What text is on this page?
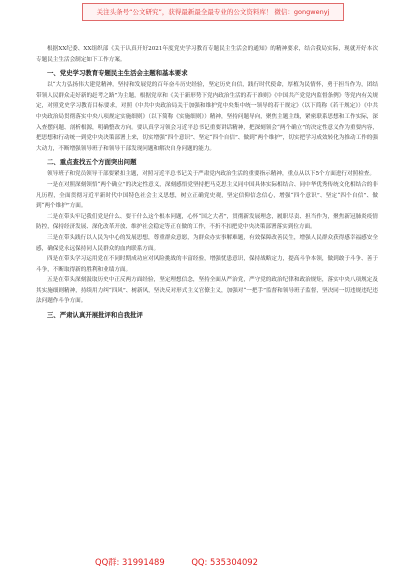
关注头条号“公文研究”，获得最新最全最专业的公文资料库！ 微信：gongwenyj

根据XX纪委、XX组织部《关于认真开好2021年度党史学习教育专题民主生活会的通知》的精神要求，结合我局实际，现就开好本次专题民主生活会制定如下工作方案。

一、党史学习教育专题民主生活会主题和基本要求

以“大力弘扬伟大建党精神，坚持和发展党的百年奋斗历史经验，坚定历史自信，践行时代使命，厚植为民情怀，勇于担当作为，团结带领人民群众走好新的赶考之路”为主题，根据党章和《关于新形势下党内政治生活的若干准则》《中国共产党党内监督条例》等党内有关规定，对照党史学习教育目标要求，对照《中共中央政治局关于加强和维护党中央集中统一领导的若干规定》（以下简称《若干规定》）《中共中央政治局贯彻落实中央八项规定实施细则》（以下简称《实施细则》）精神，坚持问题导向，聚焦主题主线，紧密联系思想和工作实际，深入查摆问题、剖析根源，明确整改方向。要认真学习领会习近平总书记重要讲话精神，把深刻领会“两个确立”的决定性意义作为重要内容，把思想和行动统一到党中央决策部署上来，切实增强“四个意识”、坚定“四个自信”、做到“两个维护”，切实把学习成效转化为推动工作的强大动力，不断增强领导班子和领导干部发现问题和解决自身问题的能力。

二、重点查找五个方面突出问题

领导班子和党员领导干部要紧扣主题，对照习近平总书记关于严肃党内政治生活的重要指示精神，重点从以下5个方面进行对照检查。

一是在对照深刻领悟“两个确立”的决定性意义，深刻感悟党坚持把马克思主义同中国具体实际相结合、同中华优秀传统文化相结合的非凡历程，全面贯彻习近平新时代中国特色社会主义思想，树立正确党史观，坚定信仰信念信心，增强“四个意识”、坚定“四个自信”、做到“两个维护”方面。

二是在带头牢记我们党是什么、要干什么这个根本问题，心怀“国之大者”，贯彻新发展理念，履职尽责、担当作为，聚焦新冠肺炎疫情防控，保持经济发展、深化改革开放、维护社会稳定等正在做的工作，不折不扣把党中央决策部署落实到位方面。

三是在带头践行以人民为中心的发展思想，尊重群众意愿，为群众办实事解难题，有效保障改善民生，增强人民群众获得感幸福感安全感，确保党永远保持同人民群众的血肉联系方面。

四是在带头学习运用党在不同时期成功应对风险挑战的丰富经验，增强忧患意识，保持战略定力，提高斗争本领，做到敢于斗争、善于斗争，不断取得新的胜利和业绩方面。

五是在带头深刻汲取历史中正反两方面经验，坚定理想信念，坚持全面从严治党，严守党的政治纪律和政治规矩，落实中央八项规定及其实施细则精神，持续用力纠“四风”、树新风，坚决反对形式主义官僚主义，加强对“一把手”监督和领导班子监督，坚决同一切违规违纪违法问题作斗争方面。

三、严肃认真开展批评和自我批评
QQ群: 31991489	QQ: 535304092
